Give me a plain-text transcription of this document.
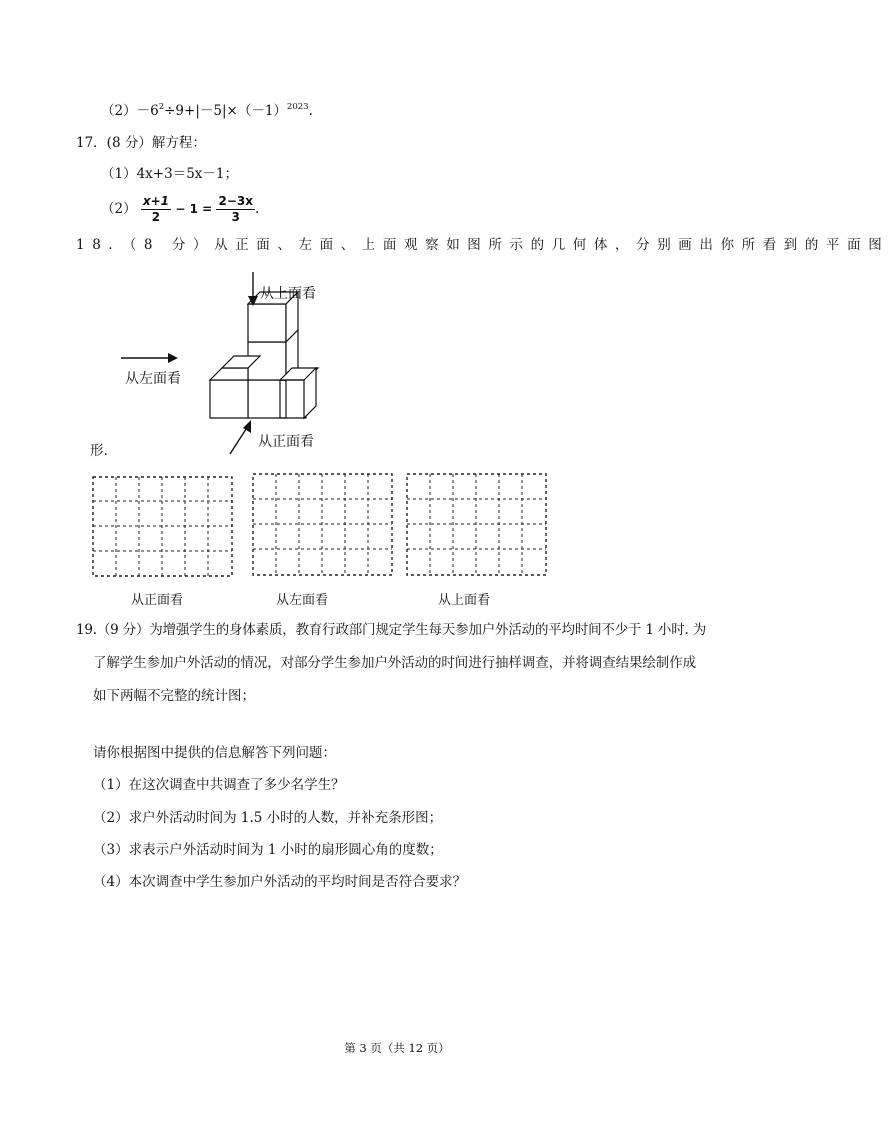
$(2)-6^2\div 9+|-5|\times(-1)^{2023}$.
17．(8 分）解方程：
（1）4x+3＝5x－1；
$(2) \frac{x+1}{2} - 1 = \frac{2-3x}{3}$ .
18．（8 分）从正面、左面、上面观察如图所示的几何体，分别画出你所看到的平面图
从上面看
从左面看
从正面看
形.
从正面看	从左面看	从上面看
19.（9 分）为增强学生的身体素质，教育行政部门规定学生每天参加户外活动的平均时间不少于 1 小时. 为
了解学生参加户外活动的情况，对部分学生参加户外活动的时间进行抽样调查，并将调查结果绘制作成
如下两幅不完整的统计图；
请你根据图中提供的信息解答下列问题：
（1）在这次调查中共调查了多少名学生？
（2）求户外活动时间为 1.5 小时的人数，并补充条形图；
（3）求表示户外活动时间为 1 小时的扇形圆心角的度数；
（4）本次调查中学生参加户外活动的平均时间是否符合要求？
第 3 页（共 12 页）
